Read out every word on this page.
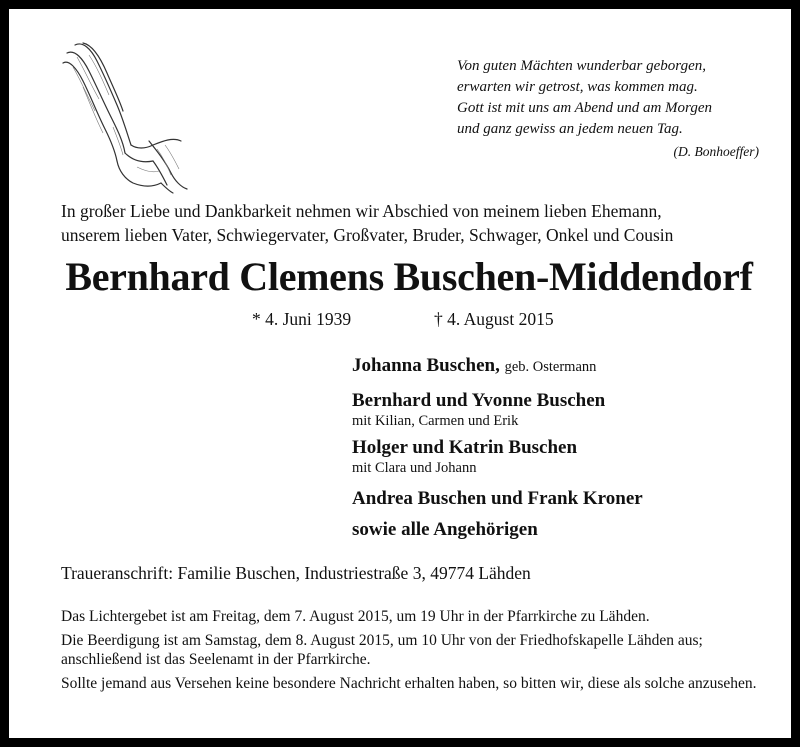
Von guten Mächten wunderbar geborgen,
erwarten wir getrost, was kommen mag.
Gott ist mit uns am Abend und am Morgen
und ganz gewiss an jedem neuen Tag.
(D. Bonhoeffer)
In großer Liebe und Dankbarkeit nehmen wir Abschied von meinem lieben Ehemann,
unserem lieben Vater, Schwiegervater, Großvater, Bruder, Schwager, Onkel und Cousin
Bernhard Clemens Buschen-Middendorf
* 4. Juni 1939	† 4. August 2015
Johanna Buschen, geb. Ostermann
Bernhard und Yvonne Buschen
mit Kilian, Carmen und Erik
Holger und Katrin Buschen
mit Clara und Johann
Andrea Buschen und Frank Kroner
sowie alle Angehörigen
Traueranschrift: Familie Buschen, Industriestraße 3, 49774 Lähden

Das Lichtergebet ist am Freitag, dem 7. August 2015, um 19 Uhr in der Pfarrkirche zu Lähden.

Die Beerdigung ist am Samstag, dem 8. August 2015, um 10 Uhr von der Friedhofskapelle Lähden aus; anschließend ist das Seelenamt in der Pfarrkirche.

Sollte jemand aus Versehen keine besondere Nachricht erhalten haben, so bitten wir, diese als solche anzusehen.
